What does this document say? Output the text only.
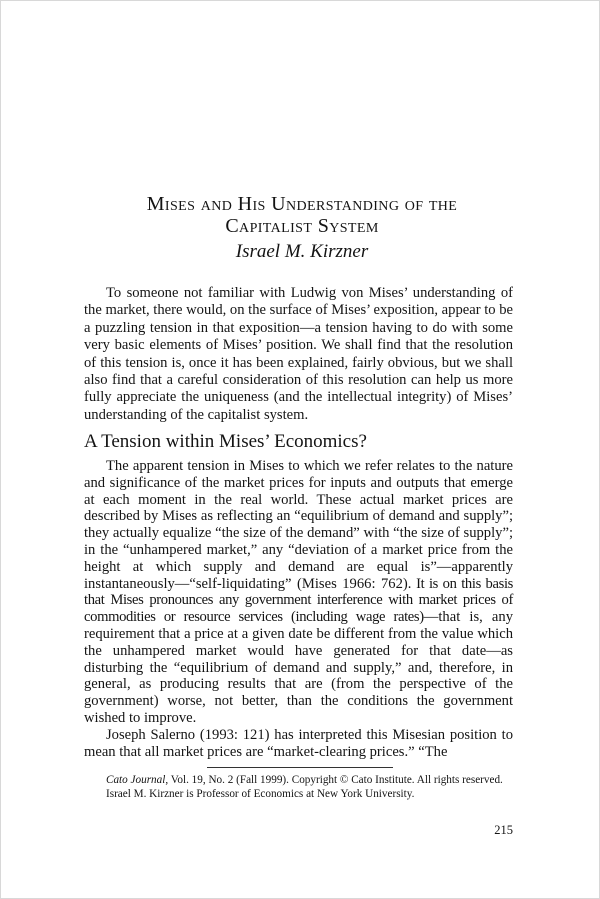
Mises and His Understanding of the
Capitalist System

Israel M. Kirzner

To someone not familiar with Ludwig von Mises’ understanding of the market, there would, on the surface of Mises’ exposition, appear to be a puzzling tension in that exposition—a tension having to do with some very basic elements of Mises’ position. We shall find that the resolution of this tension is, once it has been explained, fairly obvious, but we shall also find that a careful consideration of this resolution can help us more fully appreciate the uniqueness (and the intellectual integrity) of Mises’ understanding of the capitalist system.

A Tension within Mises’ Economics?

The apparent tension in Mises to which we refer relates to the nature and significance of the market prices for inputs and outputs that emerge at each moment in the real world. These actual market prices are described by Mises as reflecting an “equilibrium of demand and supply”; they actually equalize “the size of the demand” with “the size of supply”; in the “unhampered market,” any “deviation of a market price from the height at which supply and demand are equal is”—apparently instantaneously—“self-liquidating” (Mises 1966: 762). It is on this basis that Mises pronounces any government interference with market prices of commodities or resource services (including wage rates)—that is, any requirement that a price at a given date be different from the value which the unhampered market would have generated for that date—as disturbing the “equilibrium of demand and supply,” and, therefore, in general, as producing results that are (from the perspective of the government) worse, not better, than the conditions the government wished to improve.

Joseph Salerno (1993: 121) has interpreted this Misesian position to mean that all market prices are “market-clearing prices.” “The

Cato Journal, Vol. 19, No. 2 (Fall 1999). Copyright © Cato Institute. All rights reserved.
Israel M. Kirzner is Professor of Economics at New York University.

215
